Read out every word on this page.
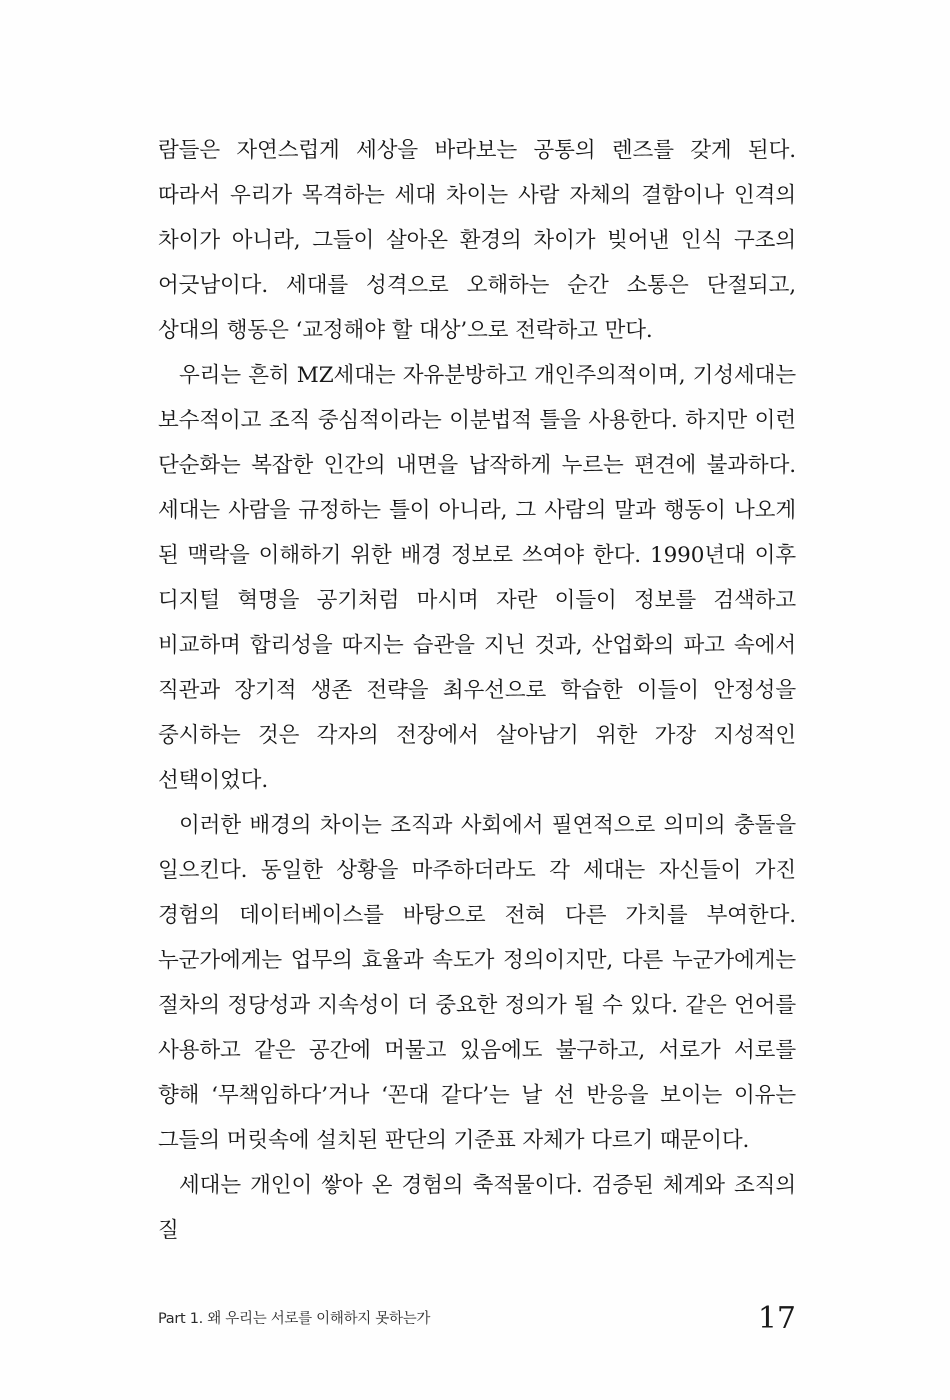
람들은 자연스럽게 세상을 바라보는 공통의 렌즈를 갖게 된다. 따라서 우리가 목격하는 세대 차이는 사람 자체의 결함이나 인격의 차이가 아니라, 그들이 살아온 환경의 차이가 빚어낸 인식 구조의 어긋남이다. 세대를 성격으로 오해하는 순간 소통은 단절되고, 상대의 행동은 ‘교정해야 할 대상’으로 전락하고 만다.

우리는 흔히 MZ세대는 자유분방하고 개인주의적이며, 기성세대는 보수적이고 조직 중심적이라는 이분법적 틀을 사용한다. 하지만 이런 단순화는 복잡한 인간의 내면을 납작하게 누르는 편견에 불과하다. 세대는 사람을 규정하는 틀이 아니라, 그 사람의 말과 행동이 나오게 된 맥락을 이해하기 위한 배경 정보로 쓰여야 한다. 1990년대 이후 디지털 혁명을 공기처럼 마시며 자란 이들이 정보를 검색하고 비교하며 합리성을 따지는 습관을 지닌 것과, 산업화의 파고 속에서 직관과 장기적 생존 전략을 최우선으로 학습한 이들이 안정성을 중시하는 것은 각자의 전장에서 살아남기 위한 가장 지성적인 선택이었다.

이러한 배경의 차이는 조직과 사회에서 필연적으로 의미의 충돌을 일으킨다. 동일한 상황을 마주하더라도 각 세대는 자신들이 가진 경험의 데이터베이스를 바탕으로 전혀 다른 가치를 부여한다. 누군가에게는 업무의 효율과 속도가 정의이지만, 다른 누군가에게는 절차의 정당성과 지속성이 더 중요한 정의가 될 수 있다. 같은 언어를 사용하고 같은 공간에 머물고 있음에도 불구하고, 서로가 서로를 향해 ‘무책임하다’거나 ‘꼰대 같다’는 날 선 반응을 보이는 이유는 그들의 머릿속에 설치된 판단의 기준표 자체가 다르기 때문이다.

세대는 개인이 쌓아 온 경험의 축적물이다. 검증된 체계와 조직의 질

Part 1. 왜 우리는 서로를 이해하지 못하는가	17
